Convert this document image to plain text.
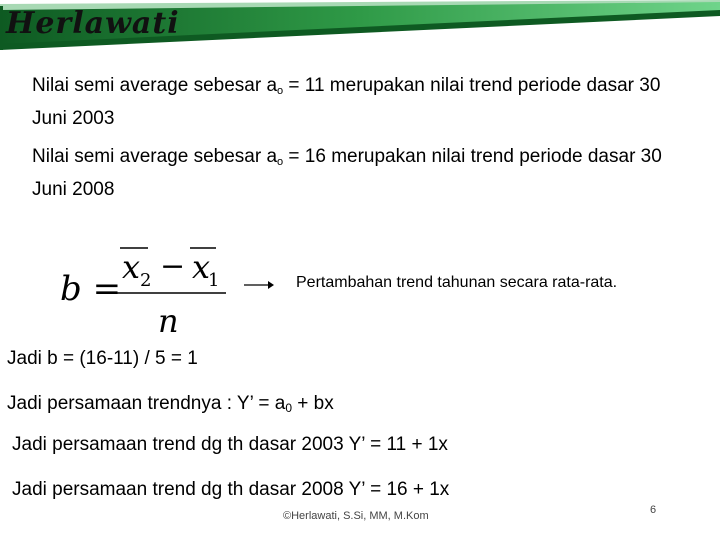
Herlawati
Nilai semi average sebesar $a_o = 11$ merupakan nilai trend periode dasar 30 Juni 2003
Nilai semi average sebesar $a_o = 16$ merupakan nilai trend periode dasar 30 Juni 2008
b =
x 2 − x
1
n
Pertambahan trend tahunan secara rata-rata.
Jadi b = (16-11) / 5 = 1
Jadi persamaan trendnya : Y’ = $a_0$ + bx
Jadi persamaan trend dg th dasar 2003 Y’ = 11 + 1x
Jadi persamaan trend dg th dasar 2008 Y’ = 16 + 1x
©Herlawati, S.Si, MM, M.Kom	6
